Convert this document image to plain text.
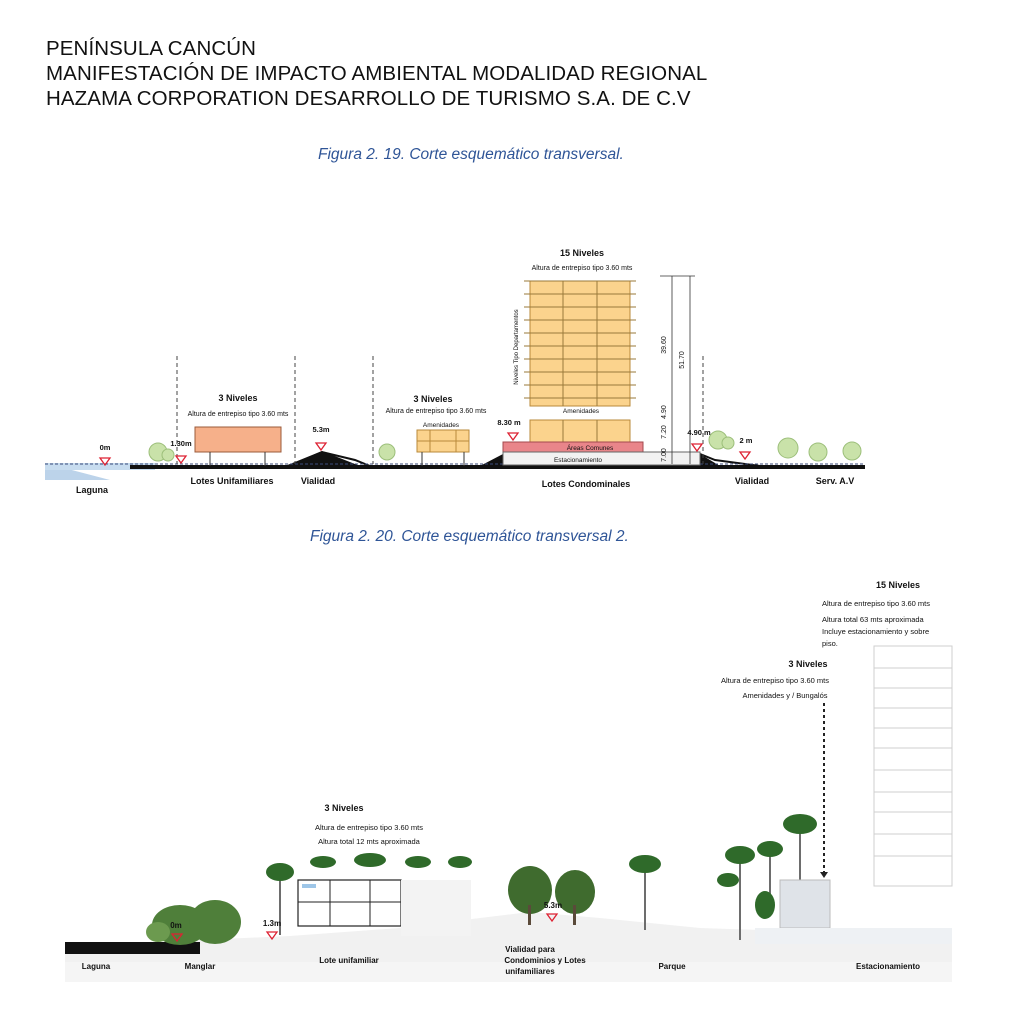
PENÍNSULA CANCÚN
MANIFESTACIÓN DE IMPACTO AMBIENTAL MODALIDAD REGIONAL
HAZAMA CORPORATION DESARROLLO DE TURISMO S.A. DE C.V
Figura 2. 19. Corte esquemático transversal.
Figura 2. 20. Corte esquemático transversal 2.
3 Niveles
Altura de entrepiso tipo 3.60 mts
3 Niveles
Altura de entrepiso tipo 3.60 mts
Amenidades
Amenidades
Áreas Comunes
Estacionamiento
Niveles Tipo Departamentos
15 Niveles
Altura de entrepiso tipo 3.60 mts
39.60
51.70
4.90
7.20
7.00
0m	1.30m
5.3m
8.30 m
4.90 m
2 m
Laguna
Lotes Unifamiliares	Vialidad	Lotes Condominales	Vialidad	Serv. A.V
0m	1.3m
5.3m
3 Niveles
Altura de entrepiso tipo 3.60 mts
Altura total 12 mts aproximada
3 Niveles
Altura de entrepiso tipo 3.60 mts
Amenidades y / Bungalós
15 Niveles
Altura de entrepiso tipo 3.60 mts
Altura total 63 mts aproximada
Incluye estacionamiento y sobre
piso.
Laguna	Manglar
Lote unifamiliar
Vialidad para
Condominios y Lotes
unifamiliares
Parque	Estacionamiento
